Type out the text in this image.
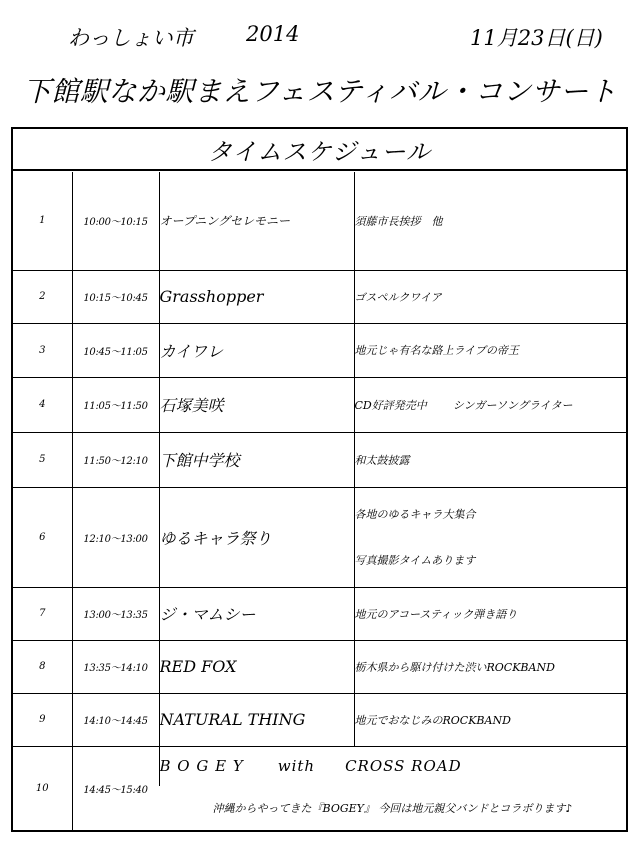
わっしょい市 2014	11月23日(日)
下館駅なか駅まえフェスティバル・コンサート
タイムスケジュール
1	10:00～10:15	オープニングセレモニー	須藤市長挨拶　他
2	10:15～10:45	Grasshopper	ゴスペルクワイア
3	10:45～11:05	カイワレ	地元じゃ有名な路上ライブの帝王
4	11:05～11:50	石塚美咲	CD好評発売中 シンガーソングライター
5	11:50～12:10	下館中学校	和太鼓披露
6	12:10～13:00	ゆるキャラ祭り	各地のゆるキャラ大集合
写真撮影タイムあります

7	13:00～13:35	ジ・マムシー	地元のアコースティック弾き語り
8	13:35～14:10	RED FOX	栃木県から駆け付けた渋いROCKBAND
9	14:10～14:45	NATURAL THING	地元でおなじみのROCKBAND
10	14:45～15:40	B O G E Y with CROSS ROAD	
		沖縄からやってきた『BOGEY』 今回は地元親父バンドとコラボります♪	
